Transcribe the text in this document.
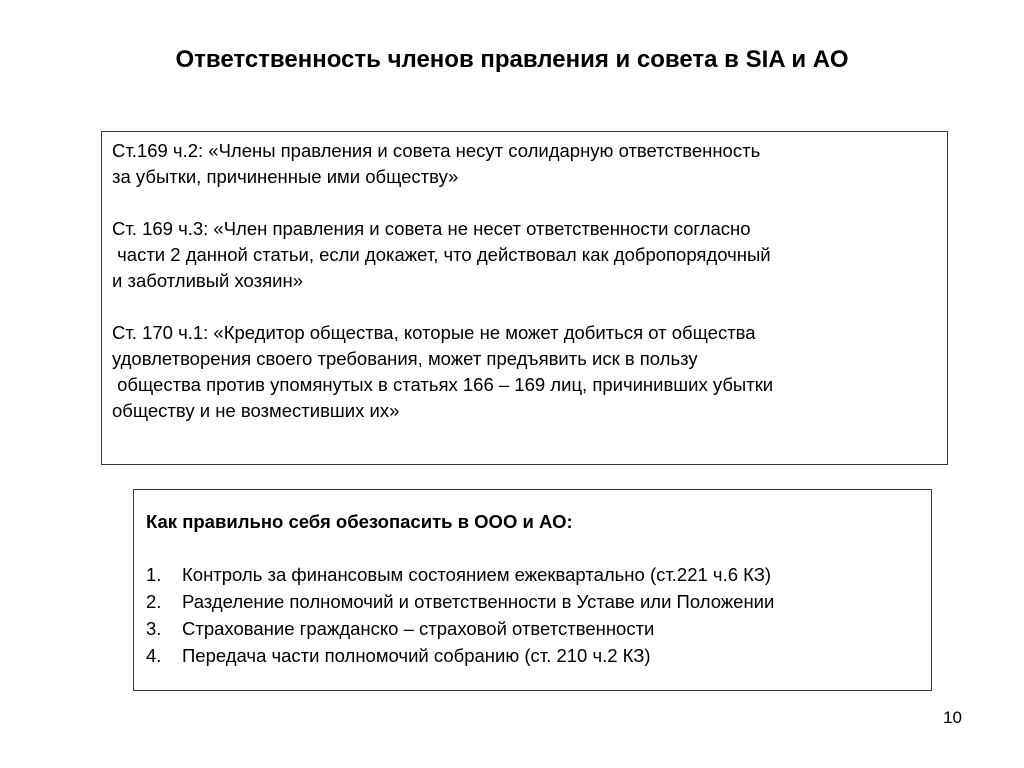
Ответственность членов правления и совета в SIA и АО

Ст.169 ч.2: «Члены правления и совета несут солидарную ответственность

за убытки, причиненные ими обществу»

Ст. 169 ч.3: «Член правления и совета не несет ответственности согласно

части 2 данной статьи, если докажет, что действовал как добропорядочный

и заботливый хозяин»

Ст. 170 ч.1: «Кредитор общества, которые не может добиться от общества

удовлетворения своего требования, может предъявить иск в пользу

общества против упомянутых в статьях 166 – 169 лиц, причинивших убытки

обществу и не возместивших их»

Как правильно себя обезопасить в ООО и АО:

1.	Контроль за финансовым состоянием ежеквартально (ст.221 ч.6 КЗ)
2.	Разделение полномочий и ответственности в Уставе или Положении
3.	Страхование гражданско – страховой ответственности
4.	Передача части полномочий собранию (ст. 210 ч.2 КЗ)
10
